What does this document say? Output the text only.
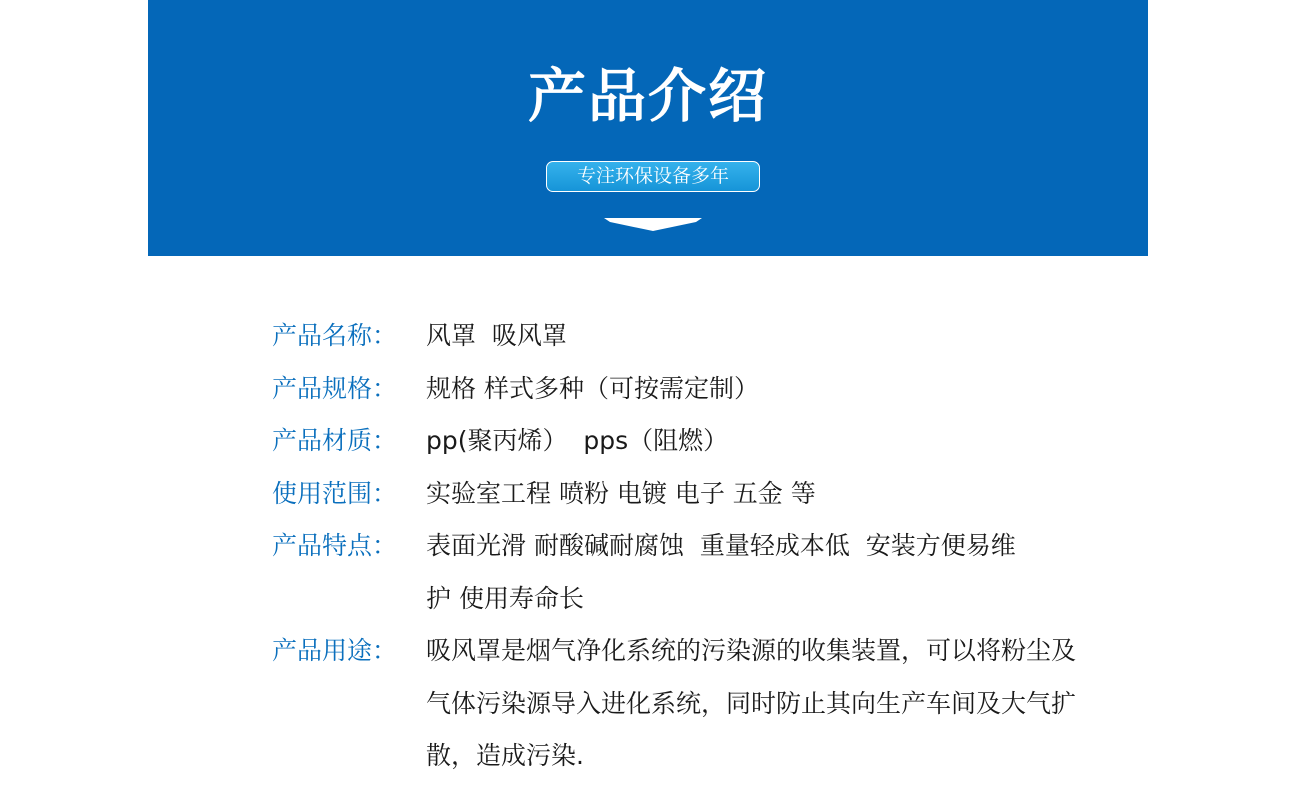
产品介绍
专注环保设备多年
产品名称：	风罩  吸风罩
产品规格：	规格 样式多种（可按需定制）
产品材质：	pp(聚丙烯）  pps（阻燃）
使用范围：	实验室工程 喷粉 电镀 电子 五金 等
产品特点：	表面光滑 耐酸碱耐腐蚀  重量轻成本低  安装方便易维护 使用寿命长
产品用途：	吸风罩是烟气净化系统的污染源的收集装置，可以将粉尘及气体污染源导入进化系统，同时防止其向生产车间及大气扩散，造成污染.
